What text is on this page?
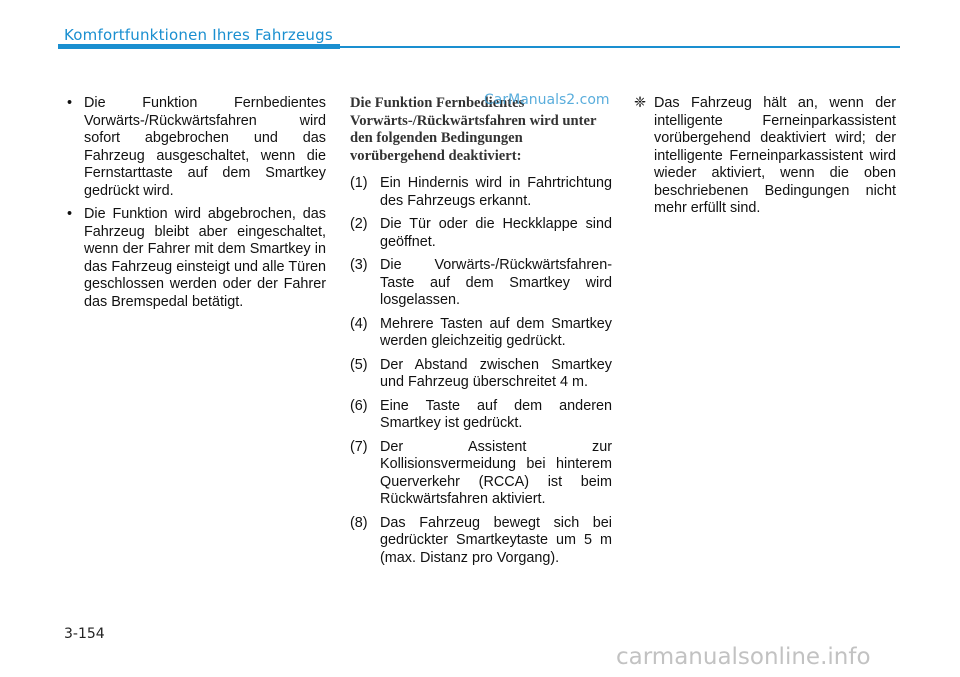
Komfortfunktionen Ihres Fahrzeugs
• Die Funktion Fernbedientes Vorwärts-/Rückwärtsfahren wird sofort abgebrochen und das Fahrzeug ausgeschaltet, wenn die Fernstarttaste auf dem Smartkey gedrückt wird.
• Die Funktion wird abgebrochen, das Fahrzeug bleibt aber eingeschaltet, wenn der Fahrer mit dem Smartkey in das Fahrzeug einsteigt und alle Türen geschlossen werden oder der Fahrer das Bremspedal betätigt.
Die Funktion Fernbedientes Vorwärts-/Rückwärtsfahren wird unter den folgenden Bedingungen vorübergehend deaktiviert:
(1) Ein Hindernis wird in Fahrtrichtung des Fahrzeugs erkannt.
(2) Die Tür oder die Heckklappe sind geöffnet.
(3) Die Vorwärts-/Rückwärtsfahren-Taste auf dem Smartkey wird losgelassen.
(4) Mehrere Tasten auf dem Smartkey werden gleichzeitig gedrückt.
(5) Der Abstand zwischen Smartkey und Fahrzeug überschreitet 4 m.
(6) Eine Taste auf dem anderen Smartkey ist gedrückt.
(7) Der Assistent zur Kollisionsvermeidung bei hinterem Querverkehr (RCCA) ist beim Rückwärtsfahren aktiviert.
(8) Das Fahrzeug bewegt sich bei gedrückter Smartkeytaste um 5 m (max. Distanz pro Vorgang).
❈ Das Fahrzeug hält an, wenn der intelligente Ferneinparkassistent vorübergehend deaktiviert wird; der intelligente Ferneinparkassistent wird wieder aktiviert, wenn die oben beschriebenen Bedingungen nicht mehr erfüllt sind.
CarManuals2.com
3-154
carmanualsonline.info
